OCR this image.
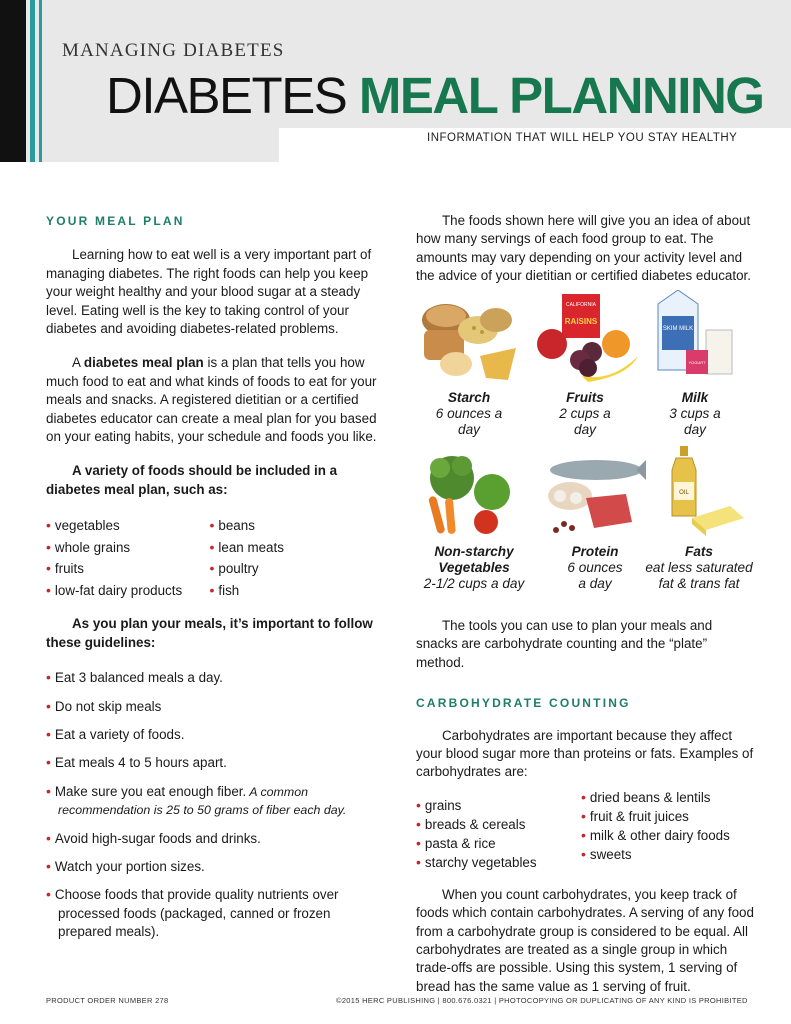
MANAGING DIABETES
DIABETES MEAL PLANNING
INFORMATION THAT WILL HELP YOU STAY HEALTHY
YOUR MEAL PLAN

Learning how to eat well is a very important part of managing diabetes. The right foods can help you keep your weight healthy and your blood sugar at a steady level. Eating well is the key to taking control of your diabetes and avoiding diabetes-related problems.

A diabetes meal plan is a plan that tells you how much food to eat and what kinds of foods to eat for your meals and snacks. A registered dietitian or a certified diabetes educator can create a meal plan for you based on your eating habits, your schedule and foods you like.

A variety of foods should be included in a diabetes meal plan, such as:

• vegetables
• whole grains
• fruits
• low-fat dairy products
• beans
• lean meats
• poultry
• fish

As you plan your meals, it’s important to follow these guidelines:

• Eat 3 balanced meals a day.
• Do not skip meals
• Eat a variety of foods.
• Eat meals 4 to 5 hours apart.
• Make sure you eat enough fiber. A common recommendation is 25 to 50 grams of fiber each day.
• Avoid high-sugar foods and drinks.
• Watch your portion sizes.
• Choose foods that provide quality nutrients over processed foods (packaged, canned or frozen prepared meals).

The foods shown here will give you an idea of about how many servings of each food group to eat. The amounts may vary depending on your activity level and the advice of your dietitian or certified diabetes educator.

CALIFORNIA
RAISINS
SKIM MILK
YOGURT
Starch
6 ounces a day
Fruits
2 cups a day
Milk
3 cups a day
OIL
Non-starchy Vegetables
2-1/2 cups a day
Protein
6 ounces a day
Fats
eat less saturated fat & trans fat

The tools you can use to plan your meals and snacks are carbohydrate counting and the “plate” method.

CARBOHYDRATE COUNTING

Carbohydrates are important because they affect your blood sugar more than proteins or fats. Examples of carbohydrates are:

• grains
• breads & cereals
• pasta & rice
• starchy vegetables
• dried beans & lentils
• fruit & fruit juices
• milk & other dairy foods
• sweets

When you count carbohydrates, you keep track of foods which contain carbohydrates. A serving of any food from a carbohydrate group is considered to be equal. All carbohydrates are treated as a single group in which trade-offs are possible. Using this system, 1 serving of bread has the same value as 1 serving of fruit.

PRODUCT ORDER NUMBER 278	©2015 HERC PUBLISHING | 800.676.0321 | PHOTOCOPYING OR DUPLICATING OF ANY KIND IS PROHIBITED
